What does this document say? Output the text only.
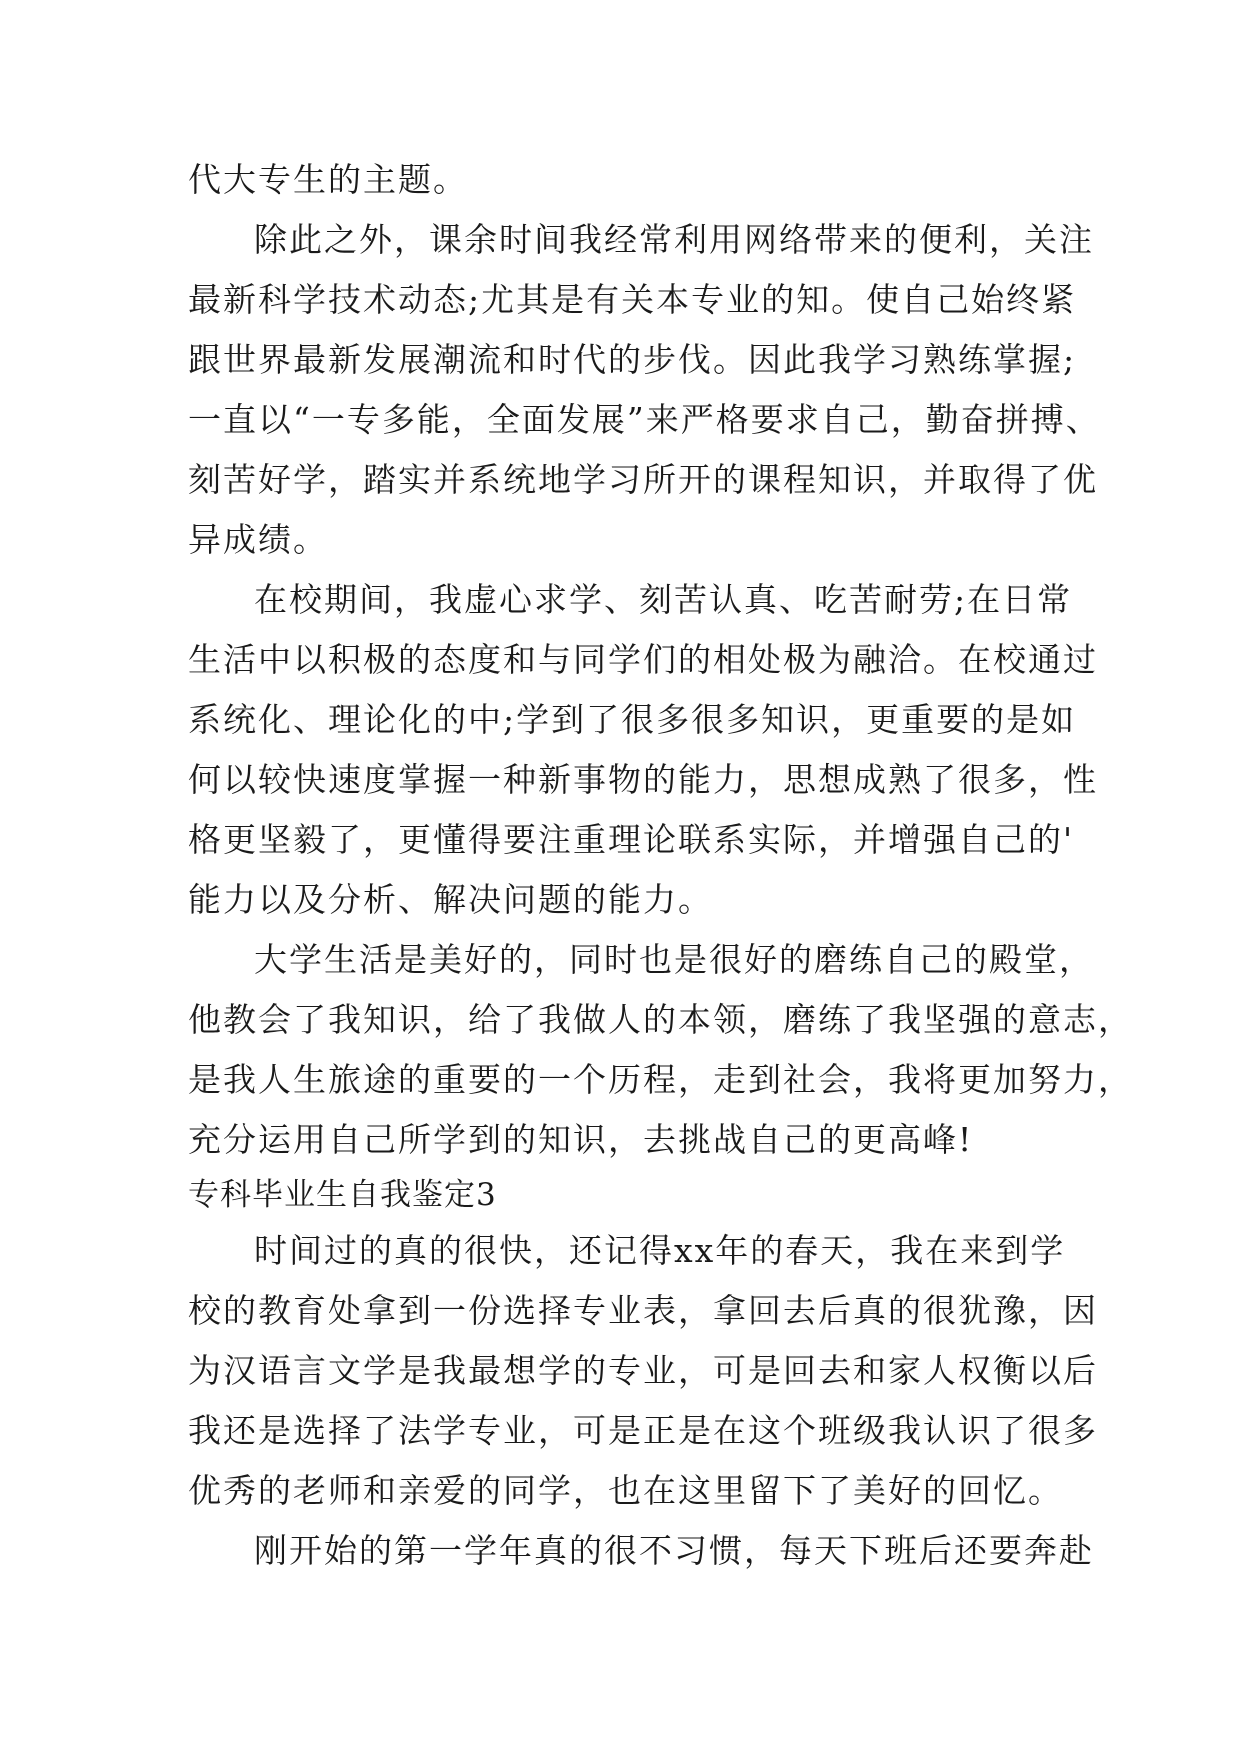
代大专生的主题。
除此之外，课余时间我经常利用网络带来的便利，关注
最新科学技术动态;尤其是有关本专业的知。使自己始终紧
跟世界最新发展潮流和时代的步伐。因此我学习熟练掌握;
一直以“一专多能，全面发展”来严格要求自己，勤奋拼搏、
刻苦好学，踏实并系统地学习所开的课程知识，并取得了优
异成绩。
在校期间，我虚心求学、刻苦认真、吃苦耐劳;在日常
生活中以积极的态度和与同学们的相处极为融洽。在校通过
系统化、理论化的中;学到了很多很多知识，更重要的是如
何以较快速度掌握一种新事物的能力，思想成熟了很多，性
格更坚毅了，更懂得要注重理论联系实际，并增强自己的'
能力以及分析、解决问题的能力。
大学生活是美好的，同时也是很好的磨练自己的殿堂，
他教会了我知识，给了我做人的本领，磨练了我坚强的意志，
是我人生旅途的重要的一个历程，走到社会，我将更加努力，
充分运用自己所学到的知识，去挑战自己的更高峰!
专科毕业生自我鉴定3
时间过的真的很快，还记得xx年的春天，我在来到学
校的教育处拿到一份选择专业表，拿回去后真的很犹豫，因
为汉语言文学是我最想学的专业，可是回去和家人权衡以后
我还是选择了法学专业，可是正是在这个班级我认识了很多
优秀的老师和亲爱的同学，也在这里留下了美好的回忆。
刚开始的第一学年真的很不习惯，每天下班后还要奔赴
